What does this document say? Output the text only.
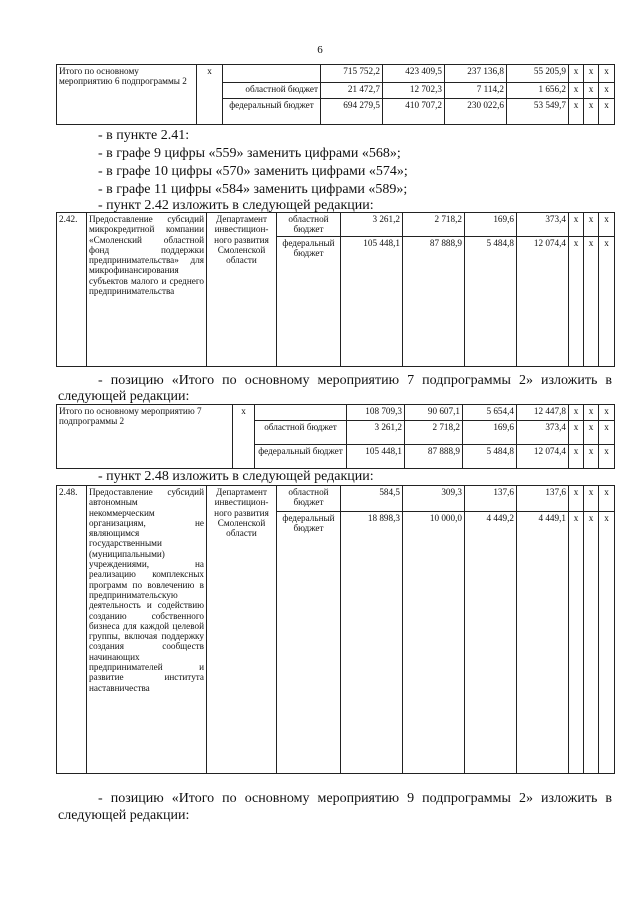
6
Итого по основному мероприятию 6 подпрограммы 2	x		715 752,2	423 409,5	237 136,8	55 205,9	x	x	x
		областной бюджет	21 472,7	12 702,3	7 114,2	1 656,2	x	x	x
		федеральный бюджет	694 279,5	410 707,2	230 022,6	53 549,7	x	x	x
- в пункте 2.41:
- в графе 9 цифры «559» заменить цифрами «568»;
- в графе 10 цифры «570» заменить цифрами «574»;
- в графе 11 цифры «584» заменить цифрами «589»;
- пункт 2.42 изложить в следующей редакции:
2.42.	Предоставление субсидий микрокредитной компании «Смоленский областной фонд поддержки предпринимательства» для микрофинансирования субъектов малого и среднего предпринимательства	Департамент инвестицион-ного развития Смоленской области	областной бюджет	3 261,2	2 718,2	169,6	373,4	x	x	x
			федеральный бюджет	105 448,1	87 888,9	5 484,8	12 074,4	x	x	x
- позицию «Итого по основному мероприятию 7 подпрограммы 2» изложить в
следующей редакции:
Итого по основному мероприятию 7 подпрограммы 2	x		108 709,3	90 607,1	5 654,4	12 447,8	x	x	x
		областной бюджет	3 261,2	2 718,2	169,6	373,4	x	x	x
		федеральный бюджет	105 448,1	87 888,9	5 484,8	12 074,4	x	x	x
- пункт 2.48 изложить в следующей редакции:
2.48.	Предоставление субсидий автономным некоммерческим организациям, не являющимся государственными (муниципальными) учреждениями, на реализацию комплексных программ по вовлечению в предпринимательскую деятельность и содействию созданию собственного бизнеса для каждой целевой группы, включая поддержку создания сообществ начинающих предпринимателей и развитие института наставничества	Департамент инвестицион-ного развития Смоленской области	областной бюджет	584,5	309,3	137,6	137,6	x	x	x
			федеральный бюджет	18 898,3	10 000,0	4 449,2	4 449,1	x	x	x
- позицию «Итого по основному мероприятию 9 подпрограммы 2» изложить в
следующей редакции:
